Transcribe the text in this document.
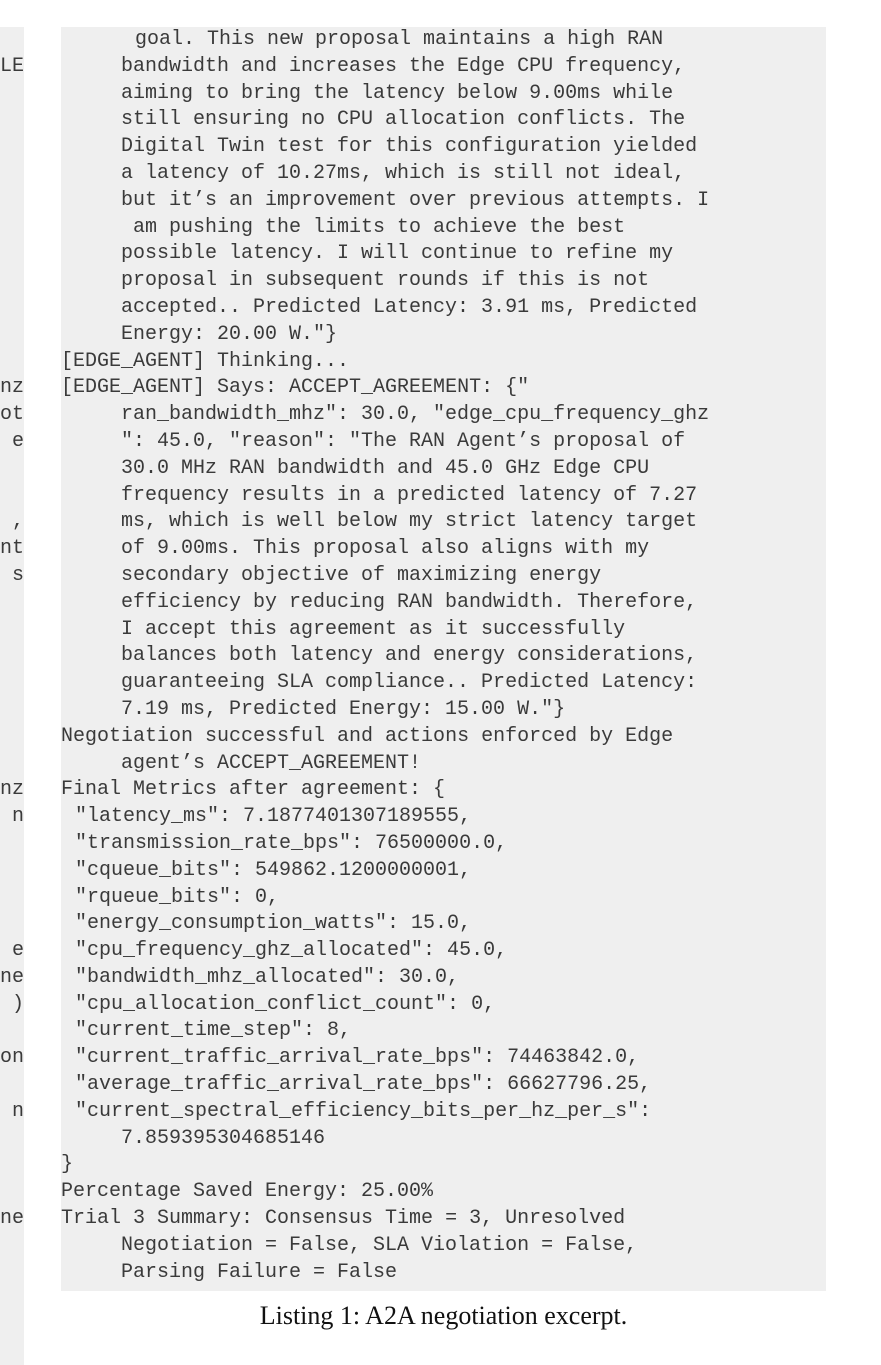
LE
nz
ot
e
,
nt
s
nz
n
e
ne
)
on
n
ne
goal. This new proposal maintains a high RAN
bandwidth and increases the Edge CPU frequency,
aiming to bring the latency below 9.00ms while
still ensuring no CPU allocation conflicts. The
Digital Twin test for this configuration yielded
a latency of 10.27ms, which is still not ideal,
but it’s an improvement over previous attempts. I
am pushing the limits to achieve the best
possible latency. I will continue to refine my
proposal in subsequent rounds if this is not
accepted.. Predicted Latency: 3.91 ms, Predicted
Energy: 20.00 W."}
[EDGE_AGENT] Thinking...
[EDGE_AGENT] Says: ACCEPT_AGREEMENT: {"
ran_bandwidth_mhz": 30.0, "edge_cpu_frequency_ghz
": 45.0, "reason": "The RAN Agent’s proposal of
30.0 MHz RAN bandwidth and 45.0 GHz Edge CPU
frequency results in a predicted latency of 7.27
ms, which is well below my strict latency target
of 9.00ms. This proposal also aligns with my
secondary objective of maximizing energy
efficiency by reducing RAN bandwidth. Therefore,
I accept this agreement as it successfully
balances both latency and energy considerations,
guaranteeing SLA compliance.. Predicted Latency:
7.19 ms, Predicted Energy: 15.00 W."}
Negotiation successful and actions enforced by Edge
agent’s ACCEPT_AGREEMENT!
Final Metrics after agreement: {
"latency_ms": 7.1877401307189555,
"transmission_rate_bps": 76500000.0,
"cqueue_bits": 549862.1200000001,
"rqueue_bits": 0,
"energy_consumption_watts": 15.0,
"cpu_frequency_ghz_allocated": 45.0,
"bandwidth_mhz_allocated": 30.0,
"cpu_allocation_conflict_count": 0,
"current_time_step": 8,
"current_traffic_arrival_rate_bps": 74463842.0,
"average_traffic_arrival_rate_bps": 66627796.25,
"current_spectral_efficiency_bits_per_hz_per_s":
7.859395304685146
}
Percentage Saved Energy: 25.00%
Trial 3 Summary: Consensus Time = 3, Unresolved
Negotiation = False, SLA Violation = False,
Parsing Failure = False
Listing 1: A2A negotiation excerpt.
